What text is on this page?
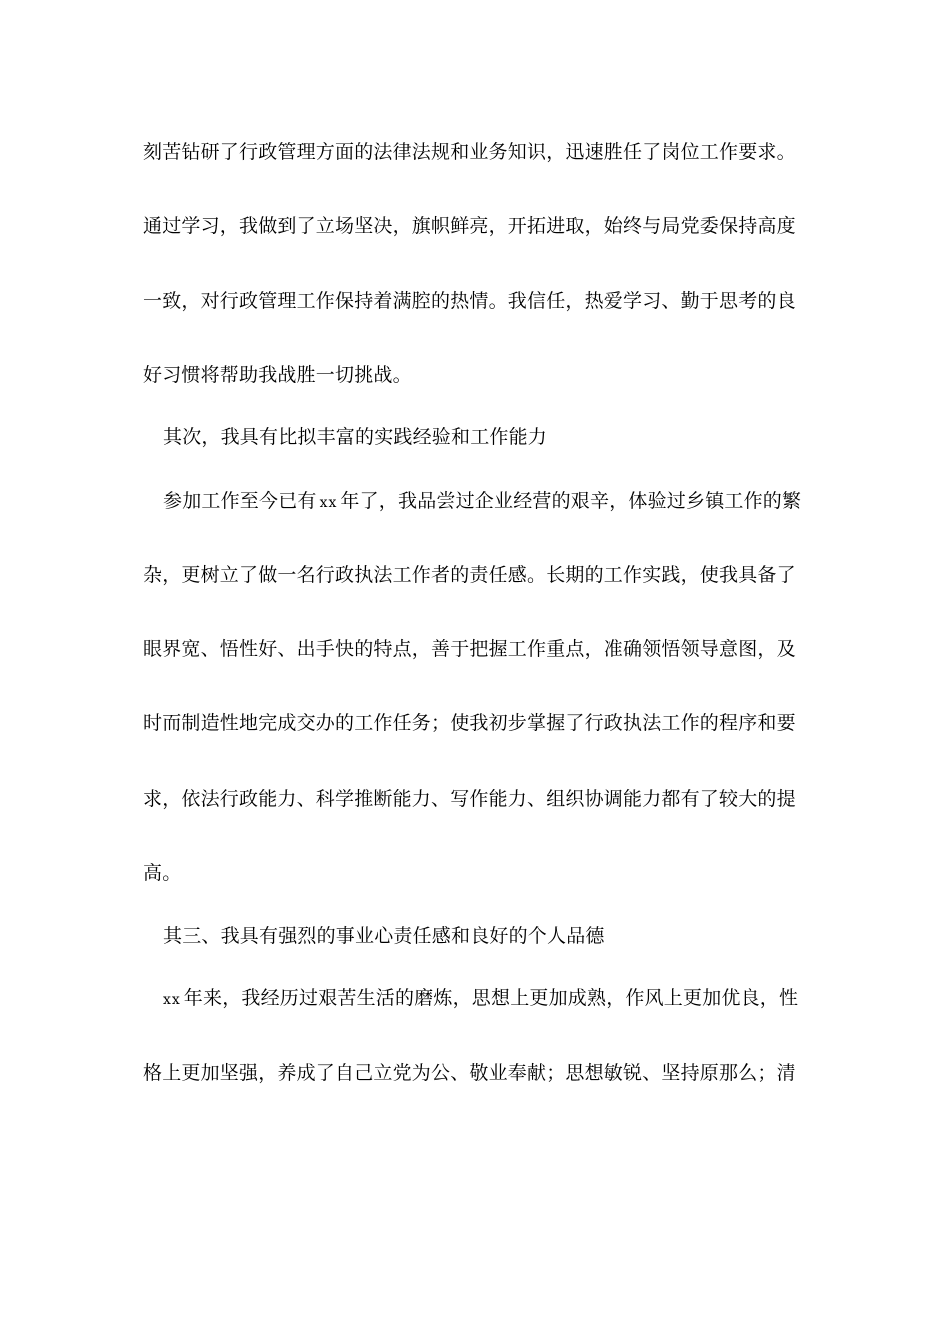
刻苦钻研了行政管理方面的法律法规和业务知识，迅速胜任了岗位工作要求。
通过学习，我做到了立场坚决，旗帜鲜亮，开拓进取，始终与局党委保持高度
一致，对行政管理工作保持着满腔的热情。我信任，热爱学习、勤于思考的良
好习惯将帮助我战胜一切挑战。
其次，我具有比拟丰富的实践经验和工作能力
参加工作至今已有 xx 年了，我品尝过企业经营的艰辛，体验过乡镇工作的繁
杂，更树立了做一名行政执法工作者的责任感。长期的工作实践，使我具备了
眼界宽、悟性好、出手快的特点，善于把握工作重点，准确领悟领导意图，及
时而制造性地完成交办的工作任务；使我初步掌握了行政执法工作的程序和要
求，依法行政能力、科学推断能力、写作能力、组织协调能力都有了较大的提
高。
其三、我具有强烈的事业心责任感和良好的个人品德
xx 年来，我经历过艰苦生活的磨炼，思想上更加成熟，作风上更加优良，性
格上更加坚强，养成了自己立党为公、敬业奉献；思想敏锐、坚持原那么；清
